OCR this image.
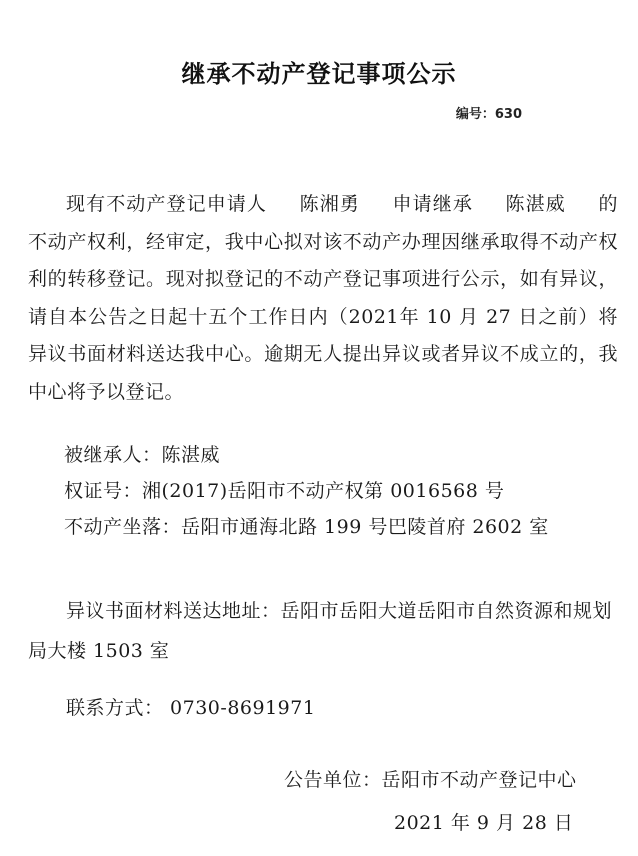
继承不动产登记事项公示
编号：630

现有不动产登记申请人 陈湘勇 申请继承 陈湛威 的不动产权利，经审定，我中心拟对该不动产办理因继承取得不动产权利的转移登记。现对拟登记的不动产登记事项进行公示，如有异议，请自本公告之日起十五个工作日内（2021年 10 月 27 日之前）将异议书面材料送达我中心。逾期无人提出异议或者异议不成立的，我中心将予以登记。

被继承人：陈湛威
权证号：湘(2017)岳阳市不动产权第 0016568 号
不动产坐落：岳阳市通海北路 199 号巴陵首府 2602 室

异议书面材料送达地址：岳阳市岳阳大道岳阳市自然资源和规划局大楼 1503 室

联系方式： 0730-8691971
公告单位：岳阳市不动产登记中心
2021 年 9 月 28 日
